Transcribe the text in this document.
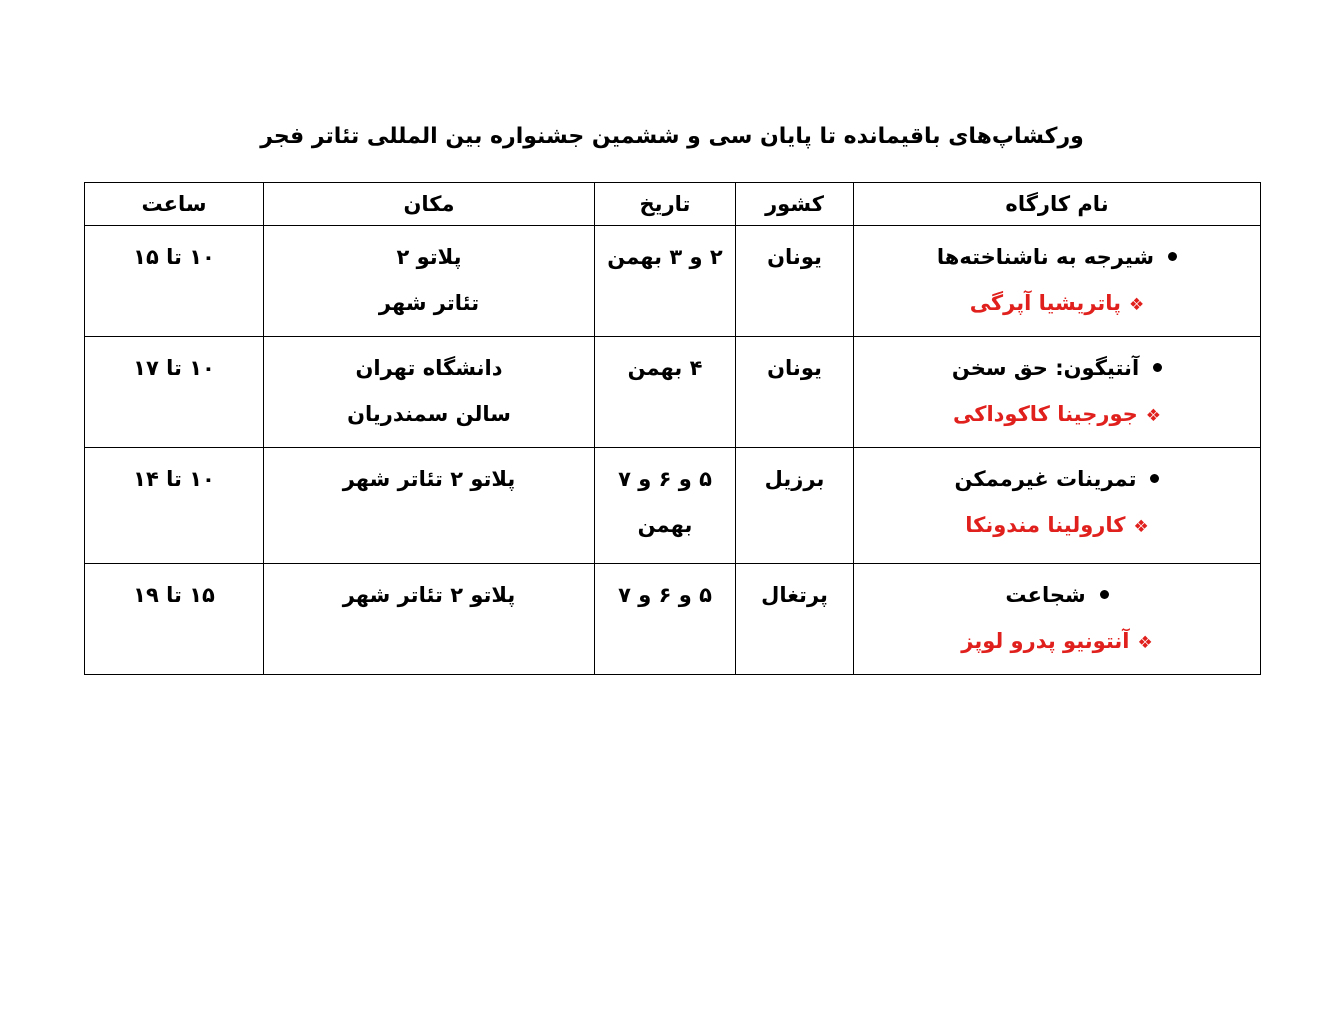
ورکشاپ‌های باقیمانده تا پایان سی و ششمین جشنواره بین المللی تئاتر فجر
نام کارگاه	کشور	تاریخ	مکان	ساعت

شیرجه به ناشناخته‌ها
❖پاتریشیا آپرگی	یونان	۲ و ۳ بهمن	پلاتو ۲
تئاتر شهر	۱۰ تا ۱۵

آنتیگون: حق سخن
❖جورجینا کاکوداکی	یونان	۴ بهمن	دانشگاه تهران
سالن سمندریان	۱۰ تا ۱۷

تمرینات غیرممکن
❖کارولینا مندونکا	برزیل	۵ و ۶ و ۷
بهمن	پلاتو ۲ تئاتر شهر	۱۰ تا ۱۴

شجاعت
❖آنتونیو پدرو لوپز	پرتغال	۵ و ۶ و ۷	پلاتو ۲ تئاتر شهر	۱۵ تا ۱۹
